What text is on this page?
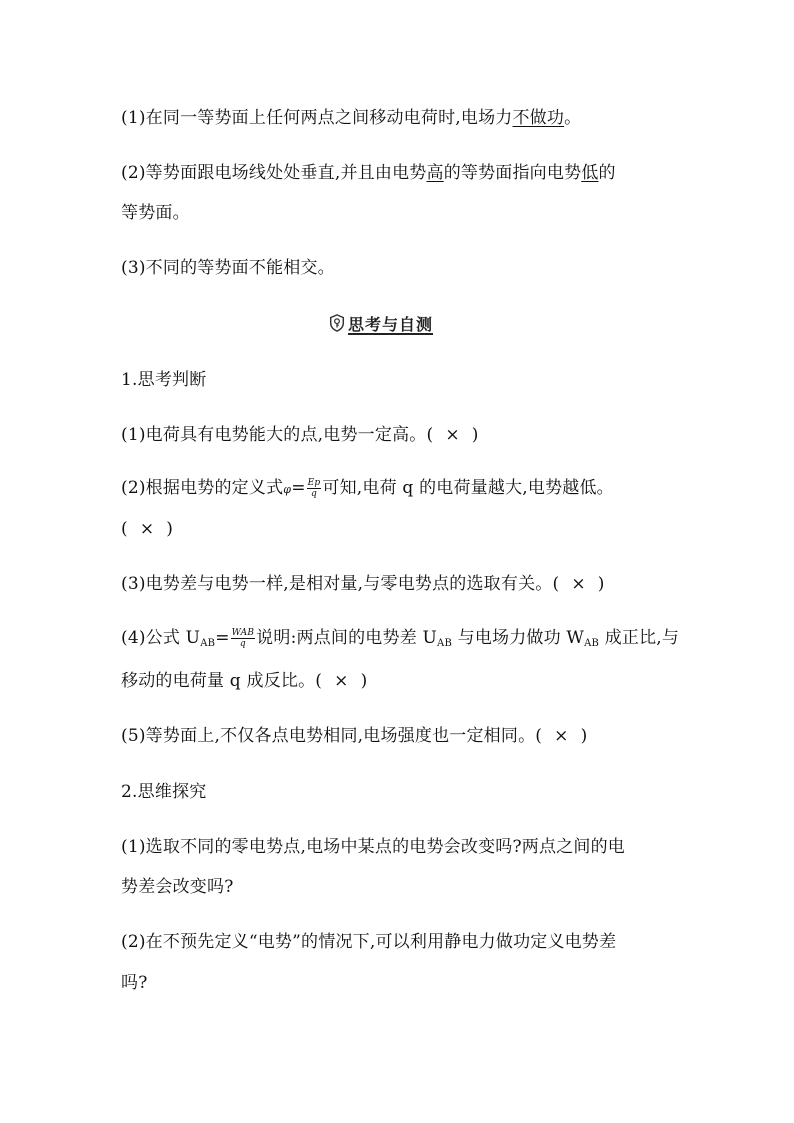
(1)在同一等势面上任何两点之间移动电荷时,电场力不做功。
(2)等势面跟电场线处处垂直,并且由电势高的等势面指向电势低的
等势面。
(3)不同的等势面不能相交。
思考与自测
1.思考判断
(1)电荷具有电势能大的点,电势一定高。( × )
(2)根据电势的定义式$\varphi= \frac{Ep}{q}$ 可知,电荷 q 的电荷量越大,电势越低。
( × )
(3)电势差与电势一样,是相对量,与零电势点的选取有关。( × )
(4)公式 $U_{AB}= \frac{\text{WAB}}{q}$ 说明:两点间的电势差 $U_{AB}$ 与电场力做功 $W_{AB}$ 成正比,与
移动的电荷量 q 成反比。( × )
(5)等势面上,不仅各点电势相同,电场强度也一定相同。( × )
2.思维探究
(1)选取不同的零电势点,电场中某点的电势会改变吗?两点之间的电
势差会改变吗?
(2)在不预先定义“电势”的情况下,可以利用静电力做功定义电势差
吗?
